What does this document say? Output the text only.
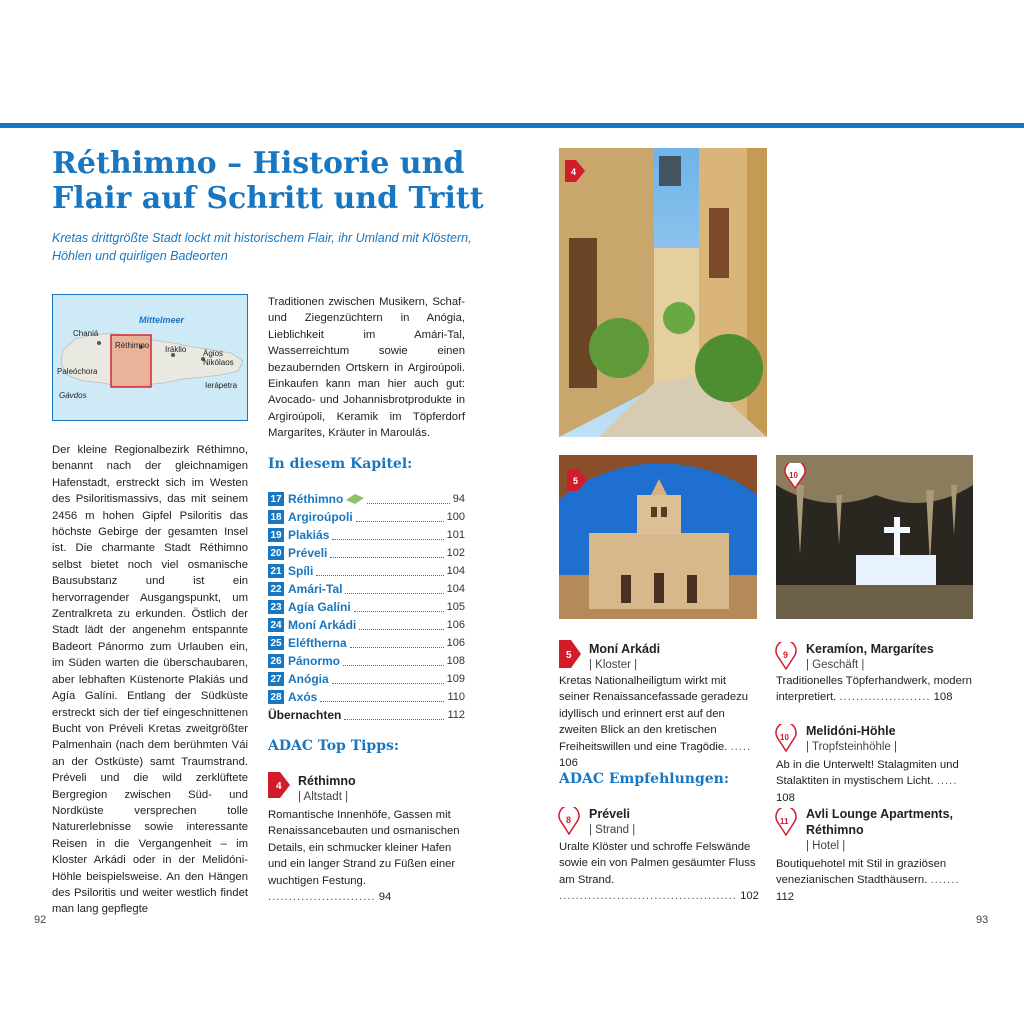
Réthimno – Historie und Flair auf Schritt und Tritt

Kretas drittgrößte Stadt lockt mit historischem Flair, ihr Umland mit Klöstern, Höhlen und quirligen Badeorten

Mittelmeer
Chaniá
Réthimno Iráklio Ágios Nikólaos
Paleóchora
Ierápetra
Gávdos

Der kleine Regionalbezirk Réthimno, benannt nach der gleichnamigen Hafenstadt, erstreckt sich im Westen des Psiloritismassivs, das mit seinem 2456 m hohen Gipfel Psiloritis das höchste Gebirge der gesamten Insel ist. Die charmante Stadt Réthimno selbst bietet noch viel osmanische Bausubstanz und ist ein hervorragender Ausgangspunkt, um Zentralkreta zu erkunden. Östlich der Stadt lädt der angenehm entspannte Badeort Pánormo zum Urlauben ein, im Süden warten die überschaubaren, aber lebhaften Küstenorte Plakiás und Agía Galíni. Entlang der Südküste erstreckt sich der tief eingeschnittenen Bucht von Préveli Kretas zweitgrößter Palmenhain (nach dem berühmten Vái an der Ostküste) samt Traumstrand. Préveli und die wild zerklüftete Bergregion zwischen Süd- und Nordküste versprechen tolle Naturerlebnisse sowie interessante Reisen in die Vergangenheit – im Kloster Arkádi oder in der Melidóni-Höhle beispielsweise. An den Hängen des Psiloritis und weiter westlich findet man lang gepflegte

Traditionen zwischen Musikern, Schaf- und Ziegenzüchtern in Anógia, Lieblichkeit im Amári-Tal, Wasserreichtum sowie einen bezaubernden Ortskern in Argiroúpoli. Einkaufen kann man hier auch gut: Avocado- und Johannisbrotprodukte in Argiroúpoli, Keramik im Töpferdorf Margarítes, Kräuter in Maroulás.

In diesem Kapitel:
17 Réthimno	94
18 Argiroúpoli	100
19 Plakiás	101
20 Préveli	102
21 Spíli	104
22 Amári-Tal	104
23 Agía Galíni	105
24 Moní Arkádi	106
25 Eléftherna	106
26 Pánormo	108
27 Anógia	109
28 Axós	110
Übernachten	112
ADAC Top Tipps:
4 Réthimno
| Altstadt |

Romantische Innenhöfe, Gassen mit Renaissancebauten und osmanischen Details, ein schmucker kleiner Hafen und ein langer Strand zu Füßen einer wuchtigen Festung. .......................... 94

4
5
10
5 Moní Arkádi
| Kloster |

Kretas Nationalheiligtum wirkt mit seiner Renaissancefassade geradezu idyllisch und erinnert erst auf den zweiten Blick an den kretischen Freiheitswillen und eine Tragödie. ..... 106

ADAC Empfehlungen:
8 Préveli
| Strand |

Uralte Klöster und schroffe Felswände sowie ein von Palmen gesäumter Fluss am Strand. ........................................... 102

9 Keramíon, Margarítes
| Geschäft |

Traditionelles Töpferhandwerk, modern interpretiert. ...................... 108

10 Melidóni-Höhle
| Tropfsteinhöhle |

Ab in die Unterwelt! Stalagmiten und Stalaktiten in mystischem Licht. ..... 108

11
Avli Lounge Apartments, Réthimno
| Hotel |

Boutiquehotel mit Stil in graziösen venezianischen Stadthäusern. ....... 112

92	93
